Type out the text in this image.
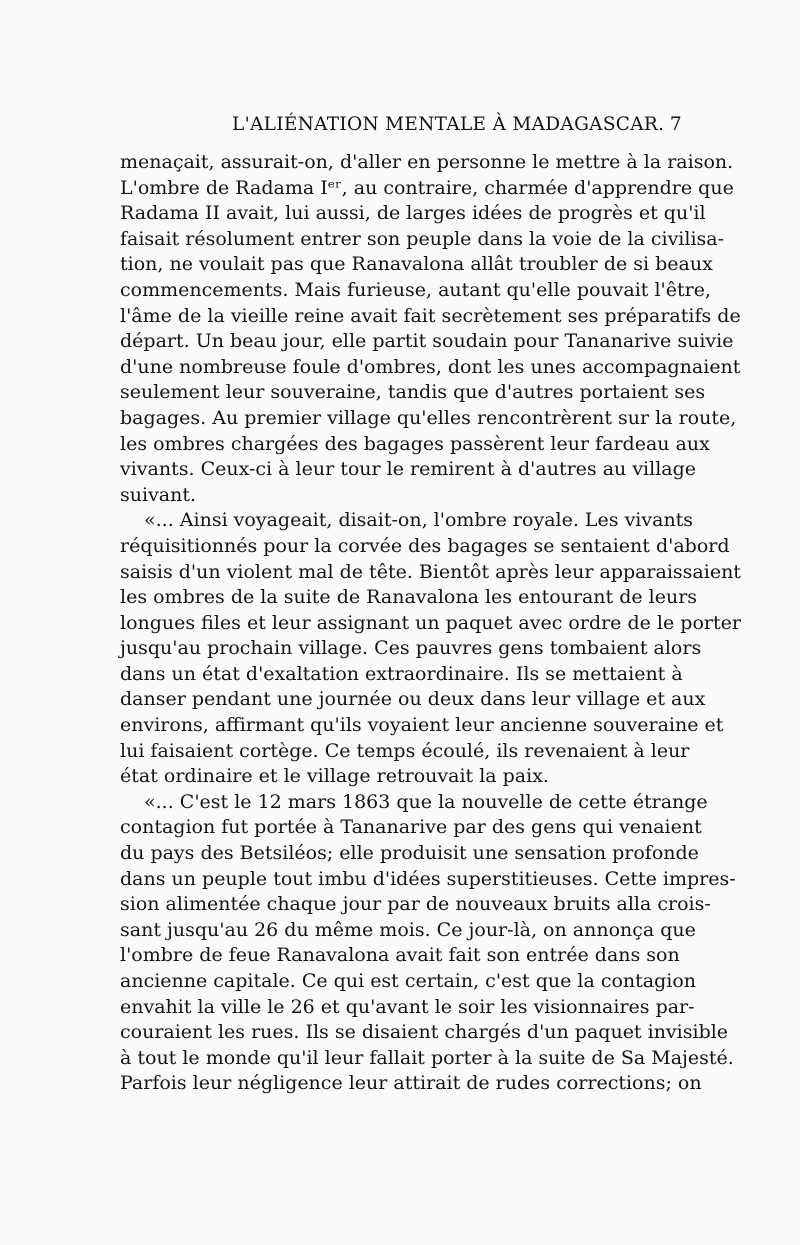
L'ALIÉNATION MENTALE À MADAGASCAR. 7
menaçait, assurait-on, d'aller en personne le mettre à la raison.
L'ombre de Radama Iᵉʳ, au contraire, charmée d'apprendre que
Radama II avait, lui aussi, de larges idées de progrès et qu'il
faisait résolument entrer son peuple dans la voie de la civilisa-
tion, ne voulait pas que Ranavalona allât troubler de si beaux
commencements. Mais furieuse, autant qu'elle pouvait l'être,
l'âme de la vieille reine avait fait secrètement ses préparatifs de
départ. Un beau jour, elle partit soudain pour Tananarive suivie
d'une nombreuse foule d'ombres, dont les unes accompagnaient
seulement leur souveraine, tandis que d'autres portaient ses
bagages. Au premier village qu'elles rencontrèrent sur la route,
les ombres chargées des bagages passèrent leur fardeau aux
vivants. Ceux-ci à leur tour le remirent à d'autres au village
suivant.
«... Ainsi voyageait, disait-on, l'ombre royale. Les vivants
réquisitionnés pour la corvée des bagages se sentaient d'abord
saisis d'un violent mal de tête. Bientôt après leur apparaissaient
les ombres de la suite de Ranavalona les entourant de leurs
longues files et leur assignant un paquet avec ordre de le porter
jusqu'au prochain village. Ces pauvres gens tombaient alors
dans un état d'exaltation extraordinaire. Ils se mettaient à
danser pendant une journée ou deux dans leur village et aux
environs, affirmant qu'ils voyaient leur ancienne souveraine et
lui faisaient cortège. Ce temps écoulé, ils revenaient à leur
état ordinaire et le village retrouvait la paix.
«... C'est le 12 mars 1863 que la nouvelle de cette étrange
contagion fut portée à Tananarive par des gens qui venaient
du pays des Betsiléos; elle produisit une sensation profonde
dans un peuple tout imbu d'idées superstitieuses. Cette impres-
sion alimentée chaque jour par de nouveaux bruits alla crois-
sant jusqu'au 26 du même mois. Ce jour-là, on annonça que
l'ombre de feue Ranavalona avait fait son entrée dans son
ancienne capitale. Ce qui est certain, c'est que la contagion
envahit la ville le 26 et qu'avant le soir les visionnaires par-
couraient les rues. Ils se disaient chargés d'un paquet invisible
à tout le monde qu'il leur fallait porter à la suite de Sa Majesté.
Parfois leur négligence leur attirait de rudes corrections; on
